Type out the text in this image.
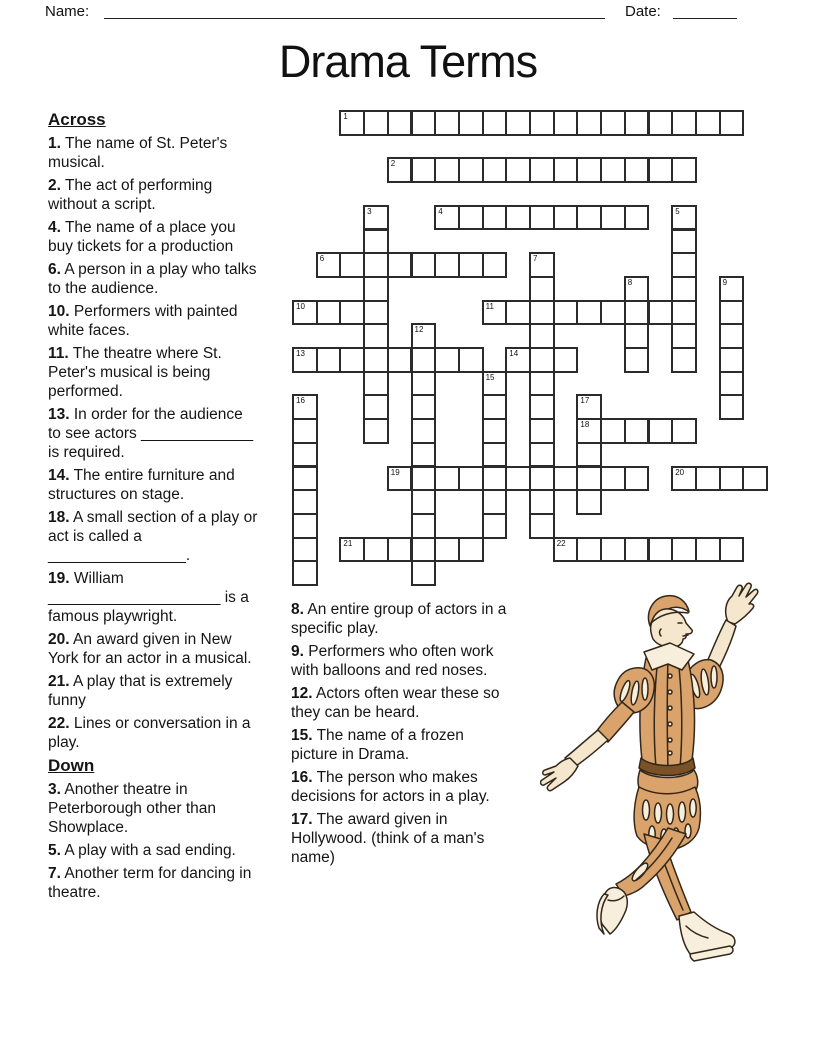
Name:	Date:
Drama Terms

Across

1. The name of St. Peter's musical.

2. The act of performing without a script.

4. The name of a place you buy tickets for a production

6. A person in a play who talks to the audience.

10. Performers with painted white faces.

11. The theatre where St. Peter's musical is being performed.

13. In order for the audience to see actors _____________ is required.

14. The entire furniture and structures on stage.

18. A small section of a play or act is called a ________________.

19. William ____________________ is a famous playwright.

20. An award given in New York for an actor in a musical.

21. A play that is extremely funny

22. Lines or conversation in a play.

Down

3. Another theatre in Peterborough other than Showplace.

5. A play with a sad ending.

7. Another term for dancing in theatre.

8. An entire group of actors in a specific play.

9. Performers who often work with balloons and red noses.

12. Actors often wear these so they can be heard.

15. The name of a frozen picture in Drama.

16. The person who makes decisions for actors in a play.

17. The award given in Hollywood. (think of a man's name)

1
2
3	4	5
6	7
8	9
10	11
12
13	14
15
16	17
18
19	20
21	22
